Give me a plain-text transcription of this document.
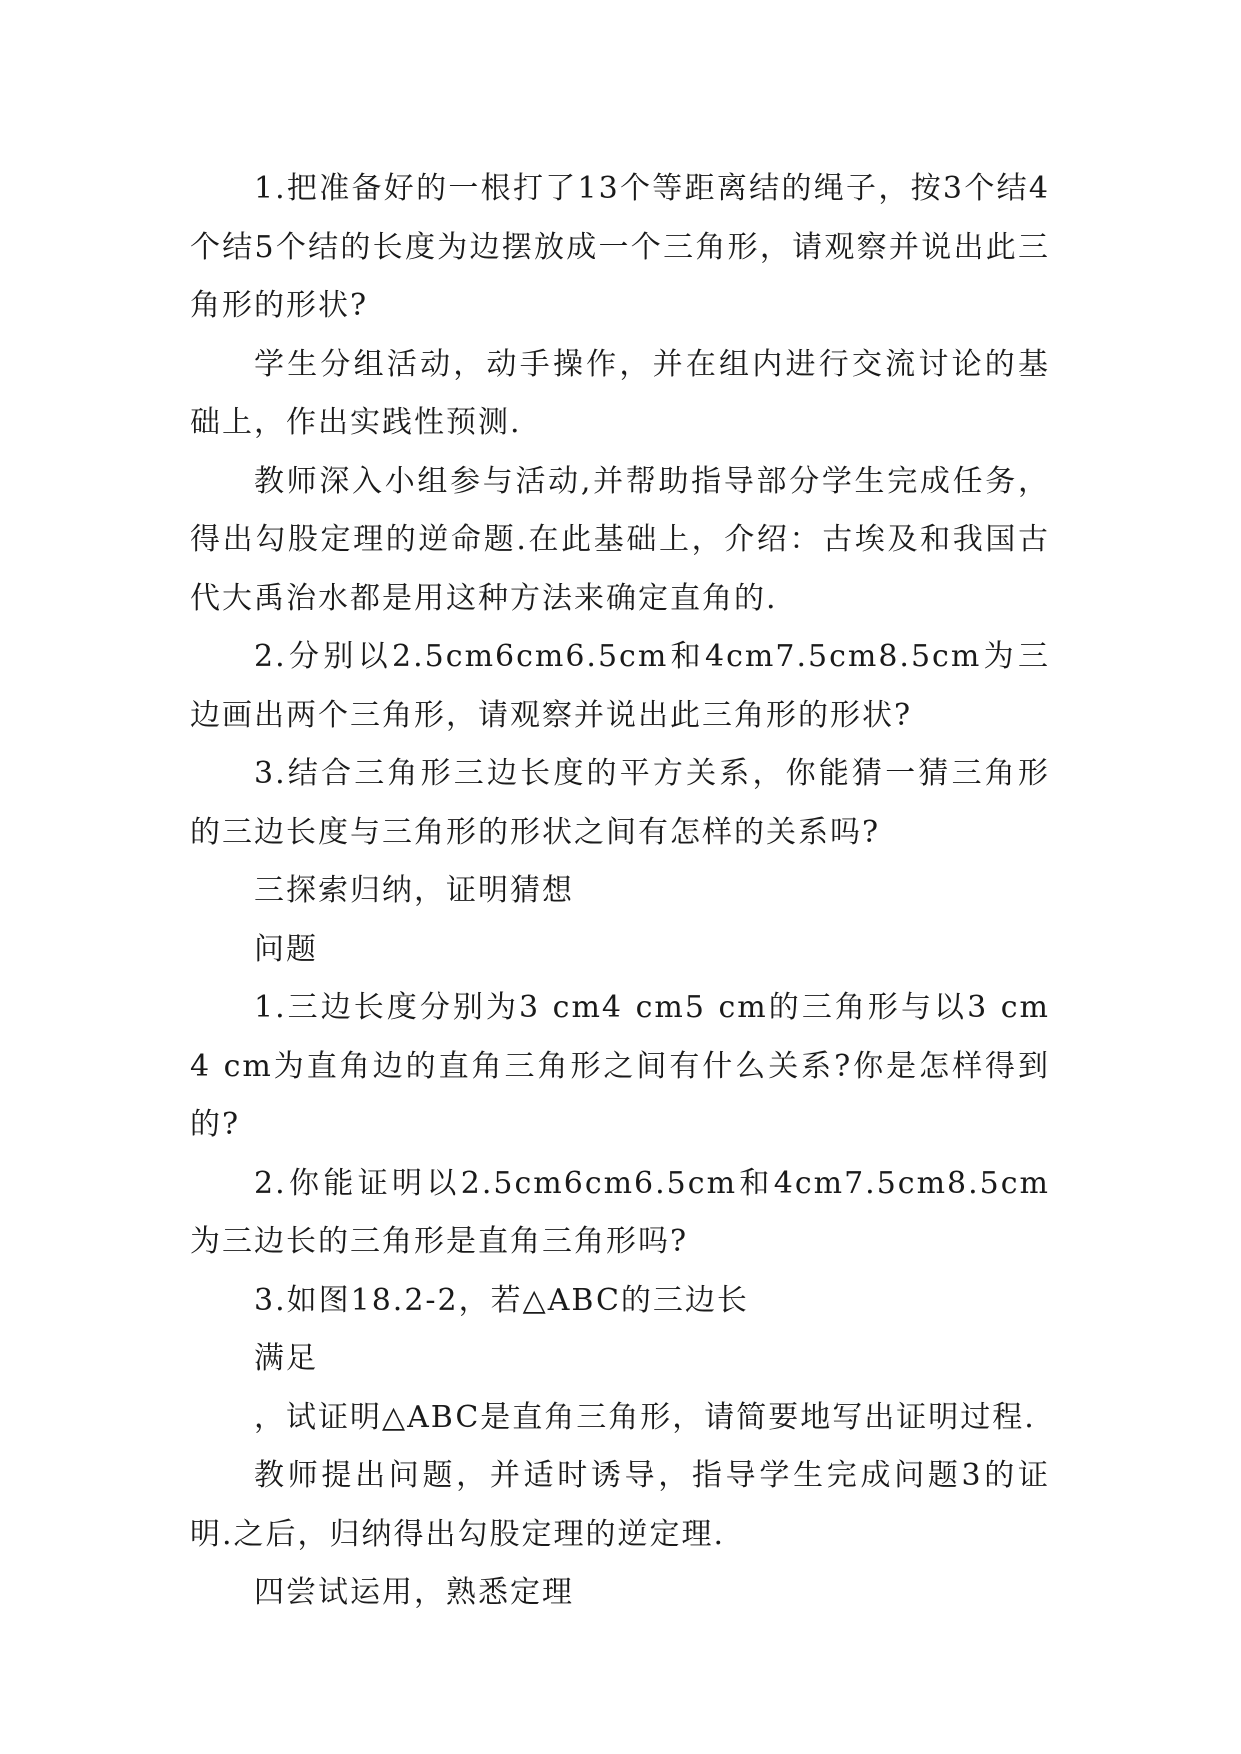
1.把准备好的一根打了13个等距离结的绳子，按3个结4个结5个结的长度为边摆放成一个三角形，请观察并说出此三角形的形状?

学生分组活动，动手操作，并在组内进行交流讨论的基础上，作出实践性预测.

教师深入小组参与活动,并帮助指导部分学生完成任务，得出勾股定理的逆命题.在此基础上，介绍：古埃及和我国古代大禹治水都是用这种方法来确定直角的.

2.分别以2.5cm6cm6.5cm和4cm7.5cm8.5cm为三边画出两个三角形，请观察并说出此三角形的形状?

3.结合三角形三边长度的平方关系，你能猜一猜三角形的三边长度与三角形的形状之间有怎样的关系吗?

三探索归纳，证明猜想

问题

1.三边长度分别为3 cm4 cm5 cm的三角形与以3 cm4 cm为直角边的直角三角形之间有什么关系?你是怎样得到的?

2.你能证明以2.5cm6cm6.5cm和4cm7.5cm8.5cm为三边长的三角形是直角三角形吗?

3.如图18.2-2，若△ABC的三边长

满足

，试证明△ABC是直角三角形，请简要地写出证明过程.

教师提出问题，并适时诱导，指导学生完成问题3的证明.之后，归纳得出勾股定理的逆定理.

四尝试运用，熟悉定理
